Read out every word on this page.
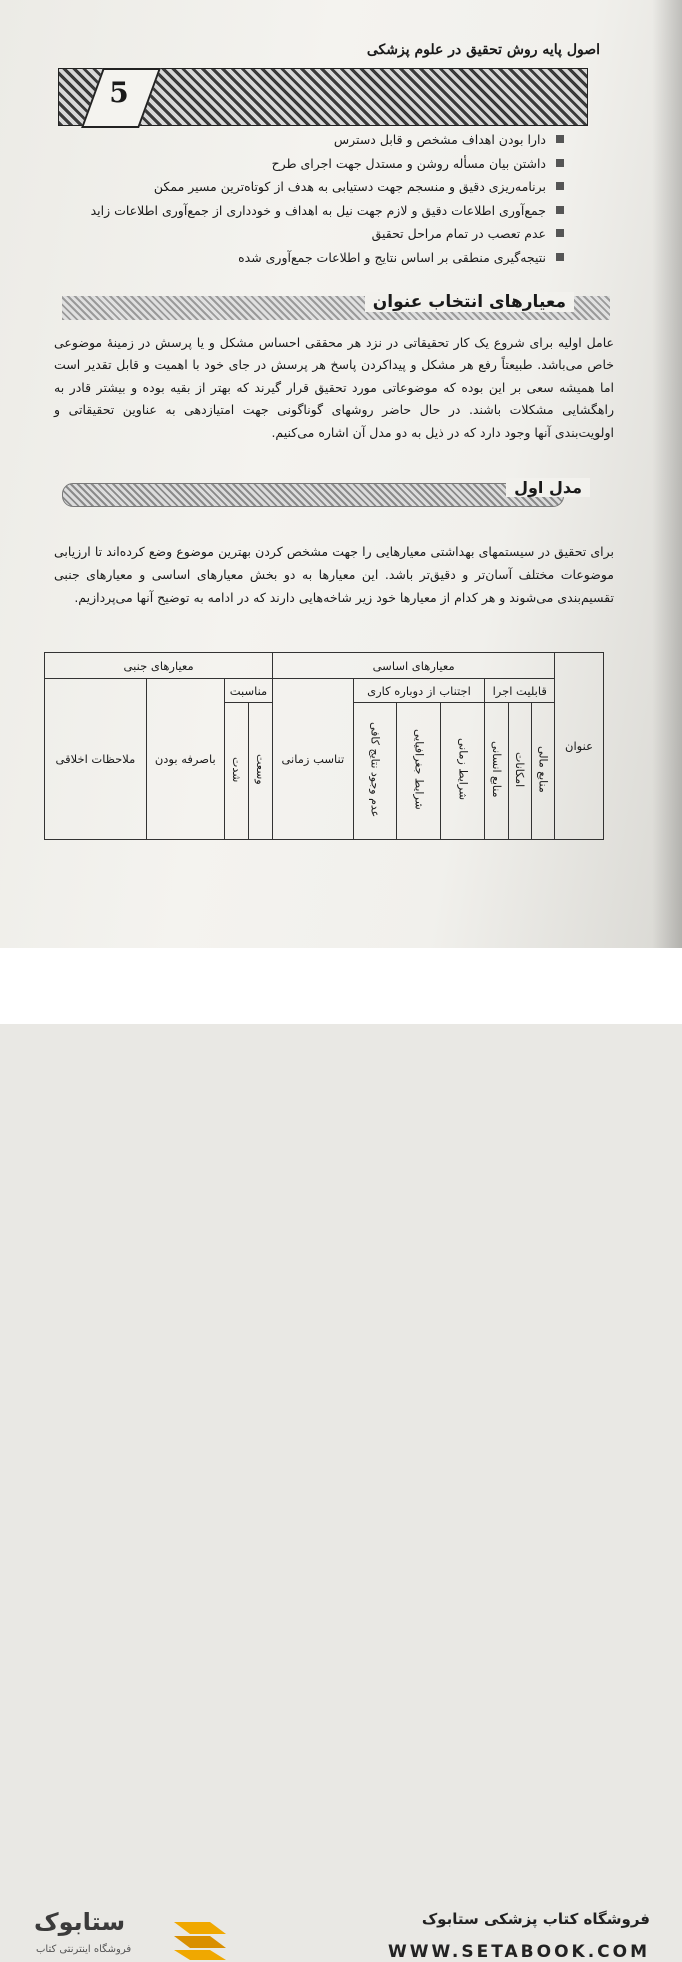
اصول پایه روش تحقیق در علوم پزشکی
5
دارا بودن اهداف مشخص و قابل دسترس
داشتن بیان مسأله روشن و مستدل جهت اجرای طرح
برنامه‌ریزی دقیق و منسجم جهت دستیابی به هدف از کوتاه‌ترین مسیر ممکن
جمع‌آوری اطلاعات دقیق و لازم جهت نیل به اهداف و خودداری از جمع‌آوری اطلاعات زاید
عدم تعصب در تمام مراحل تحقیق
نتیجه‌گیری منطقی بر اساس نتایج و اطلاعات جمع‌آوری شده
معیارهای انتخاب عنوان
عامل اولیه برای شروع یک کار تحقیقاتی در نزد هر محققی احساس مشکل و یا پرسش در زمینهٔ موضوعی خاص می‌باشد. طبیعتاً رفع هر مشکل و پیداکردن پاسخ هر پرسش در جای خود با اهمیت و قابل تقدیر است اما همیشه سعی بر این بوده که موضوعاتی مورد تحقیق قرار گیرند که بهتر از بقیه بوده و بیشتر قادر به راهگشایی مشکلات باشند. در حال حاضر روشهای گوناگونی جهت امتیازدهی به عناوین تحقیقاتی و اولویت‌بندی آنها وجود دارد که در ذیل به دو مدل آن اشاره می‌کنیم.
مدل اول
برای تحقیق در سیستمهای بهداشتی معیارهایی را جهت مشخص کردن بهترین موضوع وضع کرده‌اند تا ارزیابی موضوعات مختلف آسان‌تر و دقیق‌تر باشد. این معیارها به دو بخش معیارهای اساسی و معیارهای جنبی تقسیم‌بندی می‌شوند و هر کدام از معیارها خود زیر شاخه‌هایی دارند که در ادامه به توضیح آنها می‌پردازیم.
عنوان	معیارهای اساسی							معیارهای جنبی			
	قابلیت اجرا			اجتناب از دوباره کاری			تناسب زمانی	مناسبت		باصرفه بودن	ملاحظات اخلاقی
	منابع مالی	امکانات	منابع انسانی	شرایط زمانی	شرایط جغرافیایی	عدم وجود نتایج کافی		وسعت	شدت		

فروشگاه کتاب پزشکی ستابوک
WWW.SETABOOK.COM
ستابوک
فروشگاه اینترنتی کتاب
